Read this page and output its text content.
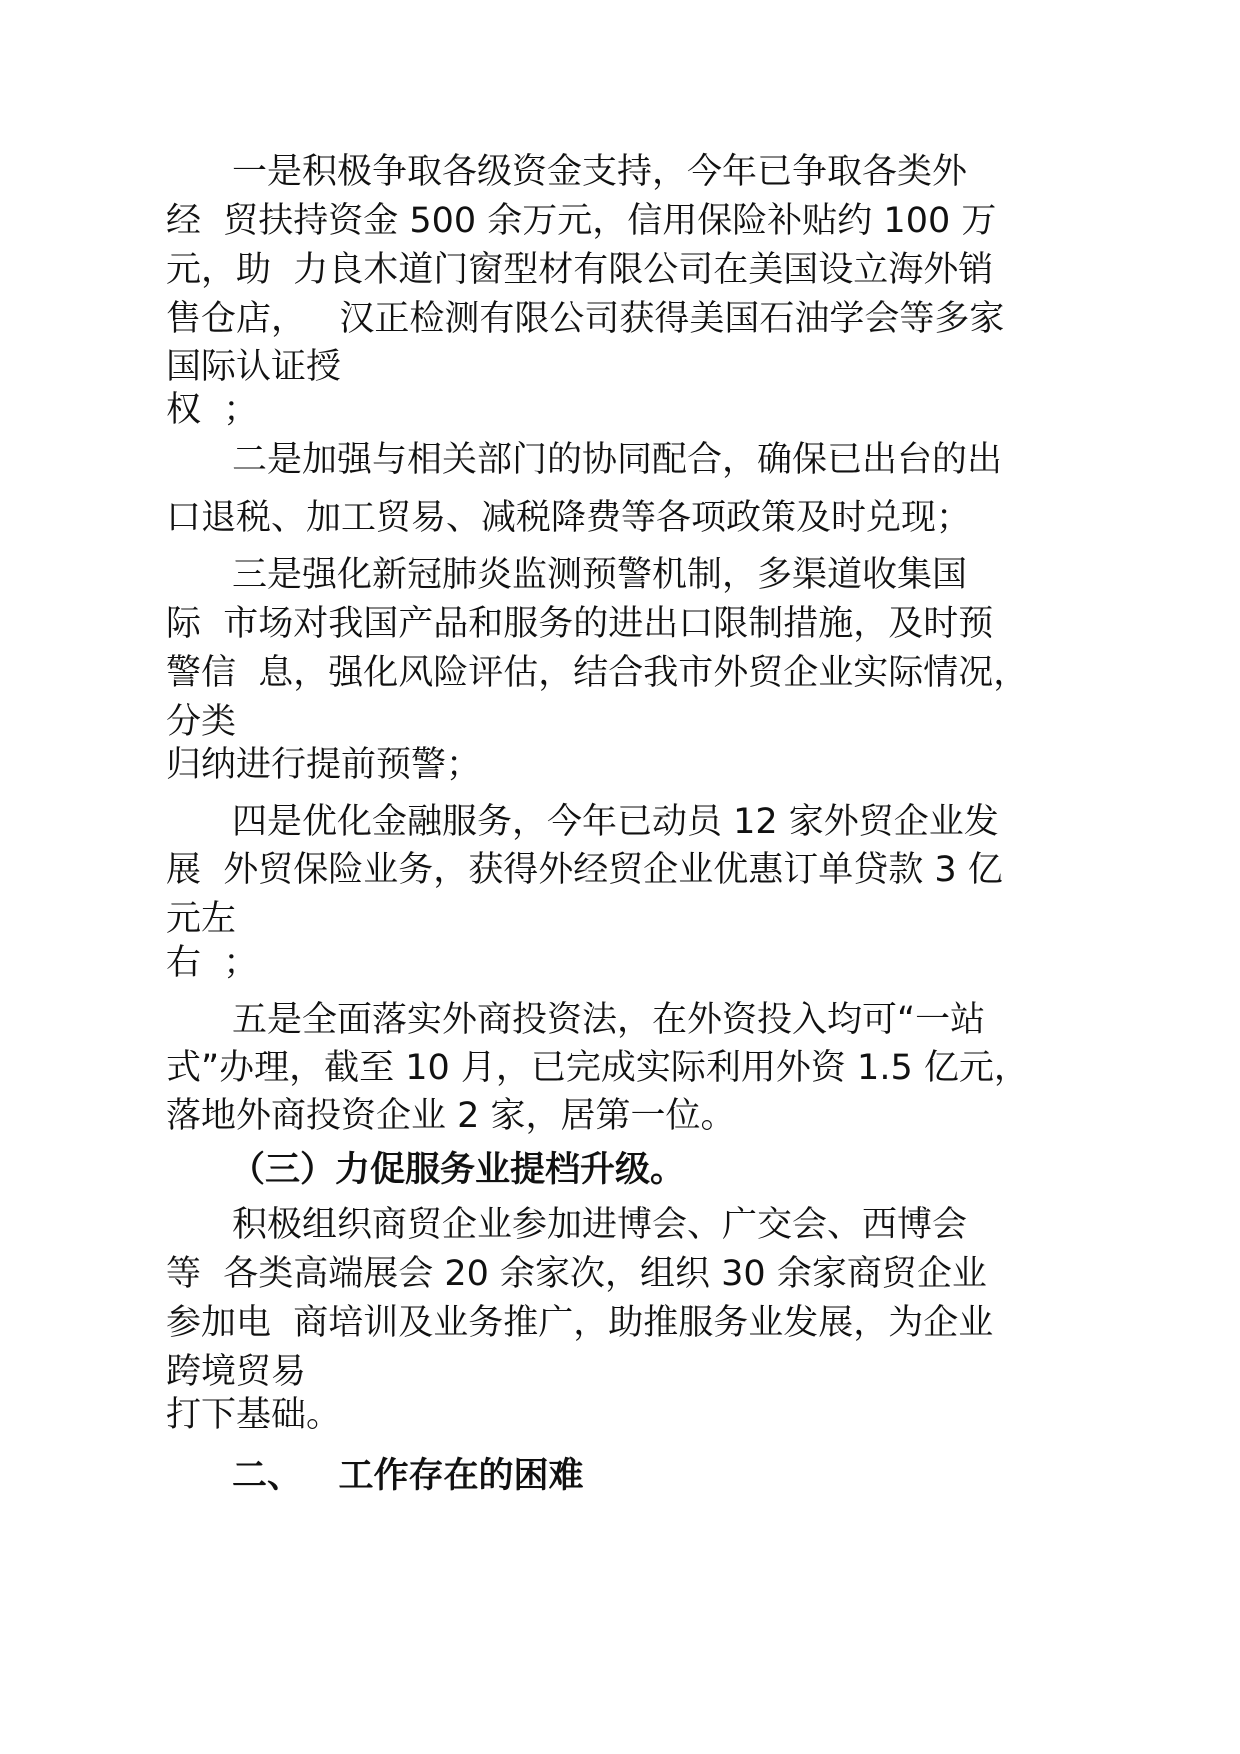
一是积极争取各级资金支持，今年已争取各类外
经  贸扶持资金 500 余万元，信用保险补贴约 100 万
元，助  力良木道门窗型材有限公司在美国设立海外销
售仓店，   汉正检测有限公司获得美国石油学会等多家
国际认证授
权  ；
二是加强与相关部门的协同配合，确保已出台的出
口退税、加工贸易、减税降费等各项政策及时兑现；
三是强化新冠肺炎监测预警机制，多渠道收集国
际  市场对我国产品和服务的进出口限制措施，及时预
警信  息，强化风险评估，结合我市外贸企业实际情况，
分类
归纳进行提前预警；
四是优化金融服务，今年已动员 12 家外贸企业发
展  外贸保险业务，获得外经贸企业优惠订单贷款 3 亿
元左
右  ；
五是全面落实外商投资法，在外资投入均可“一站
式”办理，截至 10 月，已完成实际利用外资 1.5 亿元，
落地外商投资企业 2 家，居第一位。
（三）力促服务业提档升级。
积极组织商贸企业参加进博会、广交会、西博会
等  各类高端展会 20 余家次，组织 30 余家商贸企业
参加电  商培训及业务推广，助推服务业发展，为企业
跨境贸易
打下基础。
二、   工作存在的困难
